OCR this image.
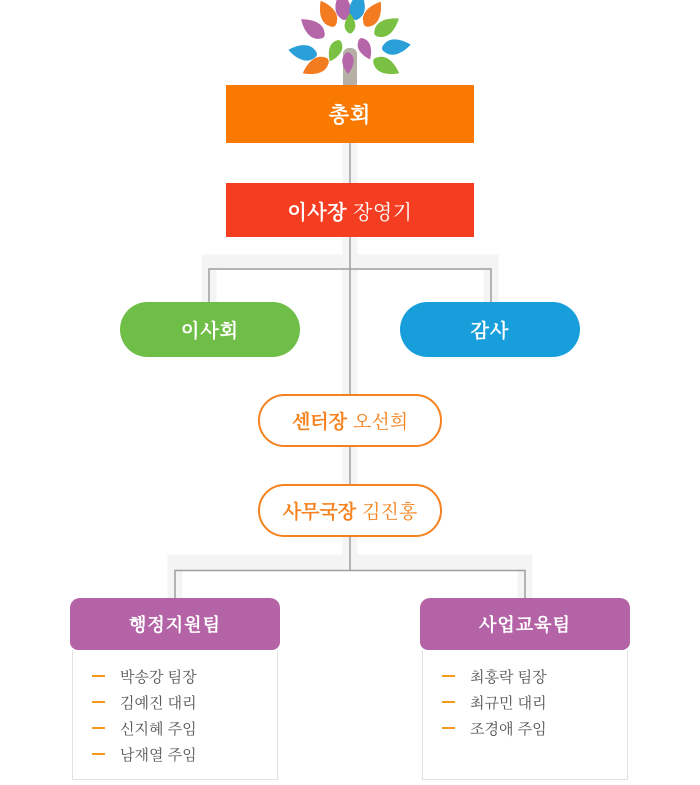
총회
이사장 장영기
이사회	감사
센터장 오선희
사무국장 김진홍
행정지원팀
박송강 팀장
김예진 대리
신지혜 주임
남재열 주임
사업교육팀
최홍락 팀장
최규민 대리
조경애 주임
